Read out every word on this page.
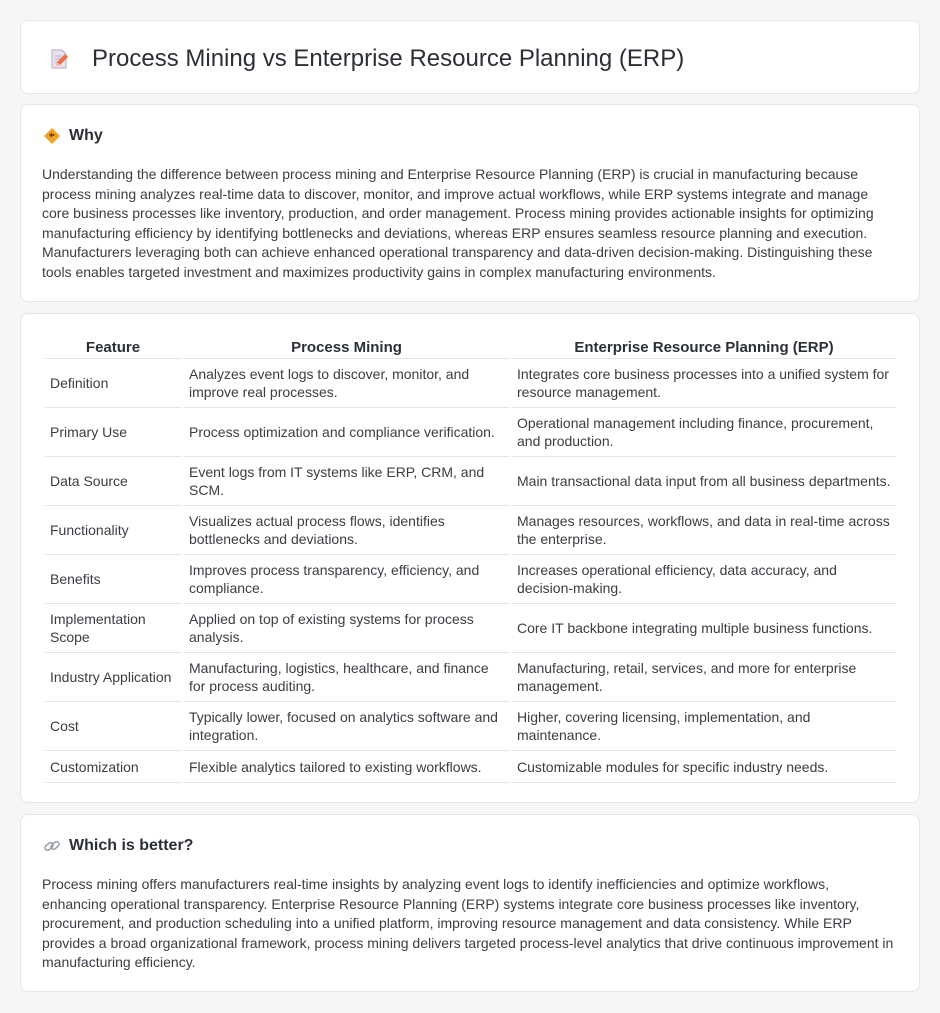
Process Mining vs Enterprise Resource Planning (ERP)
Why

Understanding the difference between process mining and Enterprise Resource Planning (ERP) is crucial in manufacturing because process mining analyzes real-time data to discover, monitor, and improve actual workflows, while ERP systems integrate and manage core business processes like inventory, production, and order management. Process mining provides actionable insights for optimizing manufacturing efficiency by identifying bottlenecks and deviations, whereas ERP ensures seamless resource planning and execution. Manufacturers leveraging both can achieve enhanced operational transparency and data-driven decision-making. Distinguishing these tools enables targeted investment and maximizes productivity gains in complex manufacturing environments.

Feature	Process Mining	Enterprise Resource Planning (ERP)
Definition	Analyzes event logs to discover, monitor, and improve real processes.	Integrates core business processes into a unified system for resource management.
Primary Use	Process optimization and compliance verification.	Operational management including finance, procurement, and production.
Data Source	Event logs from IT systems like ERP, CRM, and SCM.	Main transactional data input from all business departments.
Functionality	Visualizes actual process flows, identifies bottlenecks and deviations.	Manages resources, workflows, and data in real-time across the enterprise.
Benefits	Improves process transparency, efficiency, and compliance.	Increases operational efficiency, data accuracy, and decision-making.
Implementation Scope	Applied on top of existing systems for process analysis.	Core IT backbone integrating multiple business functions.
Industry Application	Manufacturing, logistics, healthcare, and finance for process auditing.	Manufacturing, retail, services, and more for enterprise management.
Cost	Typically lower, focused on analytics software and integration.	Higher, covering licensing, implementation, and maintenance.
Customization	Flexible analytics tailored to existing workflows.	Customizable modules for specific industry needs.
Which is better?

Process mining offers manufacturers real-time insights by analyzing event logs to identify inefficiencies and optimize workflows, enhancing operational transparency. Enterprise Resource Planning (ERP) systems integrate core business processes like inventory, procurement, and production scheduling into a unified platform, improving resource management and data consistency. While ERP provides a broad organizational framework, process mining delivers targeted process-level analytics that drive continuous improvement in manufacturing efficiency.
